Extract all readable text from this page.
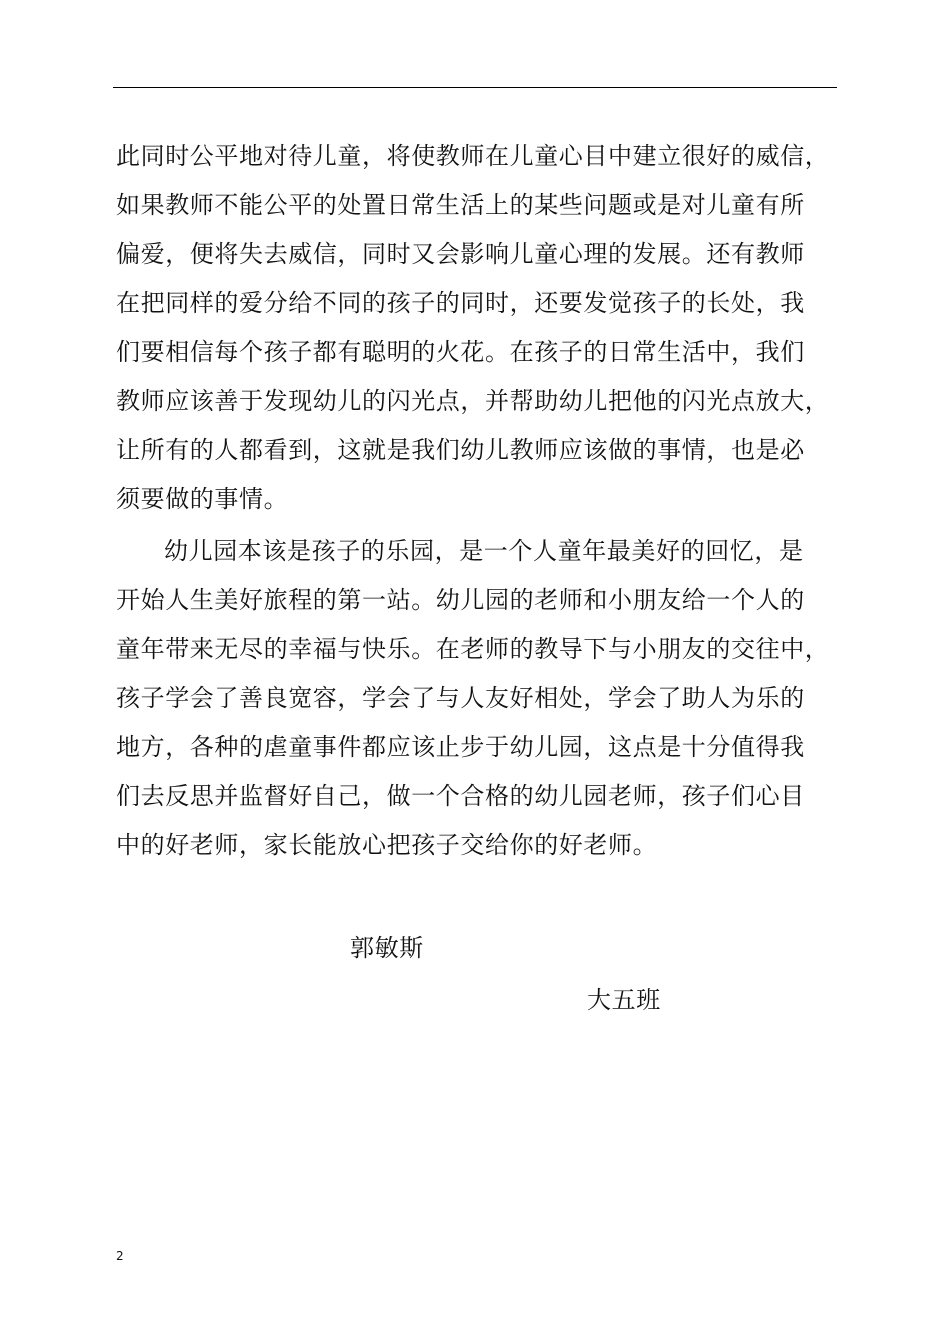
此同时公平地对待儿童，将使教师在儿童心目中建立很好的威信，
如果教师不能公平的处置日常生活上的某些问题或是对儿童有所
偏爱，便将失去威信，同时又会影响儿童心理的发展。还有教师
在把同样的爱分给不同的孩子的同时，还要发觉孩子的长处，我
们要相信每个孩子都有聪明的火花。在孩子的日常生活中，我们
教师应该善于发现幼儿的闪光点，并帮助幼儿把他的闪光点放大，
让所有的人都看到，这就是我们幼儿教师应该做的事情，也是必
须要做的事情。
幼儿园本该是孩子的乐园，是一个人童年最美好的回忆，是
开始人生美好旅程的第一站。幼儿园的老师和小朋友给一个人的
童年带来无尽的幸福与快乐。在老师的教导下与小朋友的交往中，
孩子学会了善良宽容，学会了与人友好相处，学会了助人为乐的
地方，各种的虐童事件都应该止步于幼儿园，这点是十分值得我
们去反思并监督好自己，做一个合格的幼儿园老师，孩子们心目
中的好老师，家长能放心把孩子交给你的好老师。
郭敏斯
大五班
2
